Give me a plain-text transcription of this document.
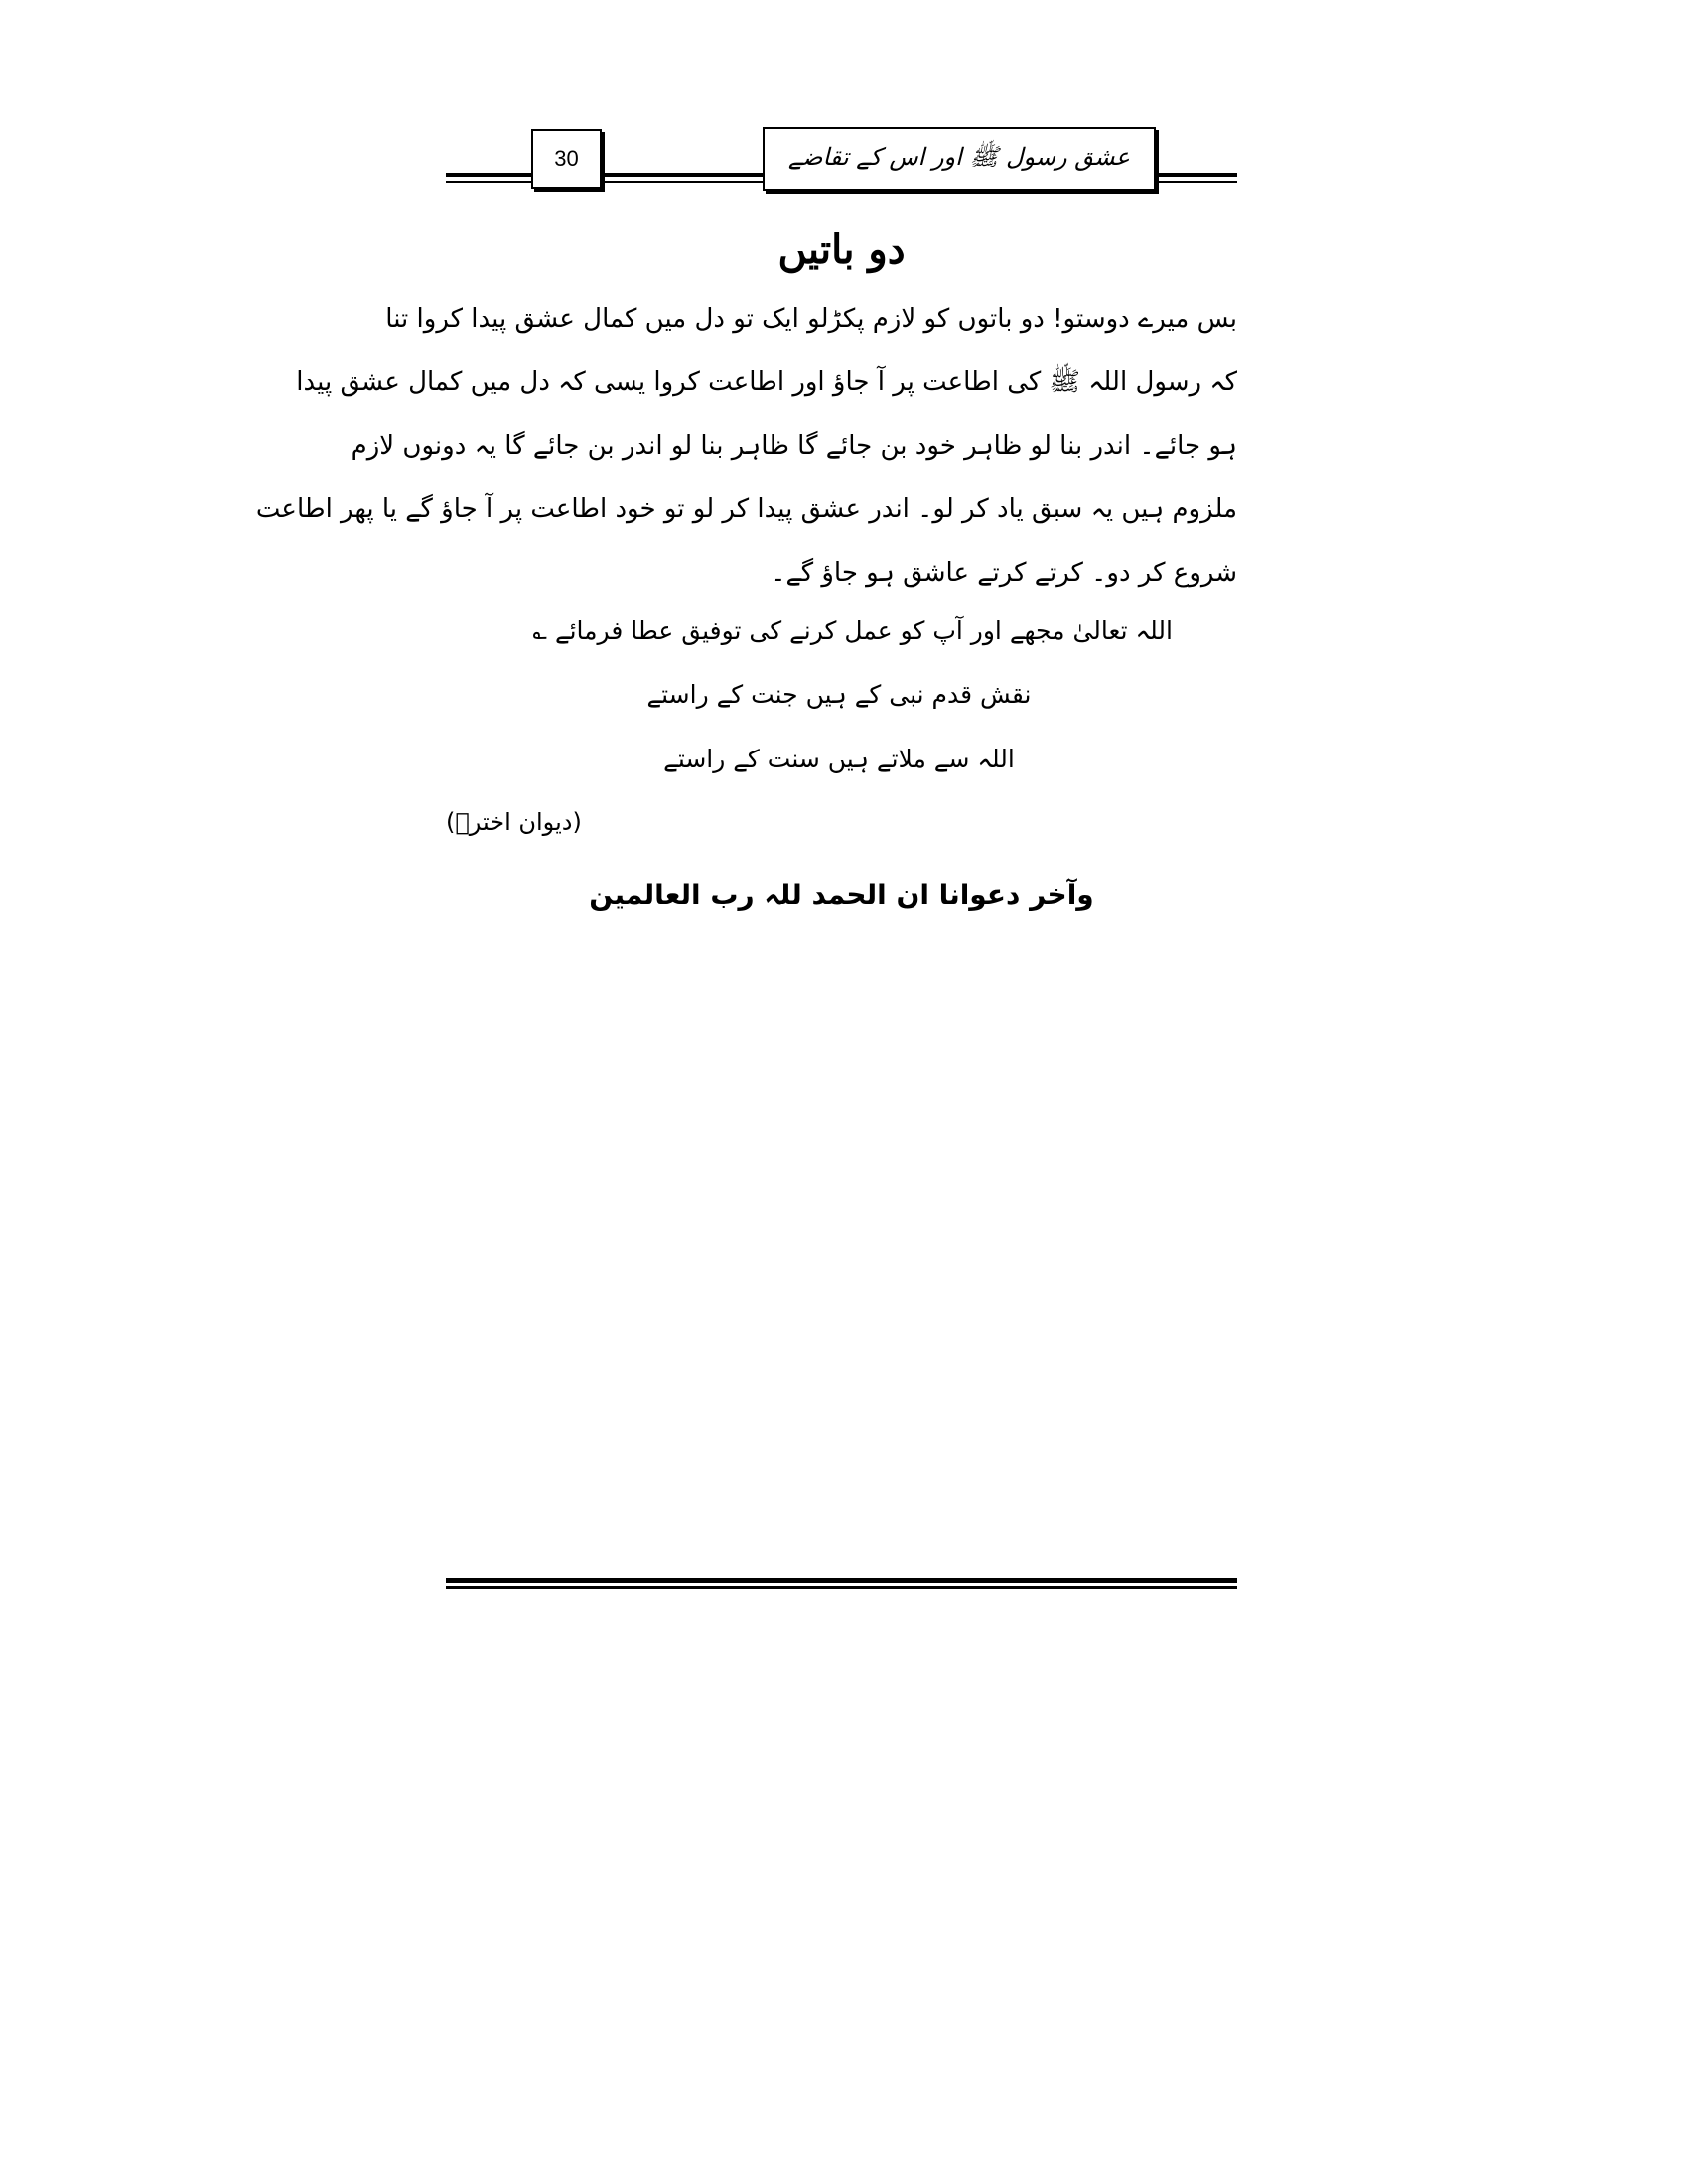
30	عشق رسول ﷺ اور اس کے تقاضے
دو باتیں
بس میرے دوستو! دو باتوں کو لازم پکڑلو ایک تو دل میں کمال عشق پیدا کروا تنا
کہ رسول اللہ ﷺ کی اطاعت پر آ جاؤ اور اطاعت کروا یسی کہ دل میں کمال عشق پیدا
ہو جائے۔ اندر بنا لو ظاہر خود بن جائے گا ظاہر بنا لو اندر بن جائے گا یہ دونوں لازم
ملزوم ہیں یہ سبق یاد کر لو۔ اندر عشق پیدا کر لو تو خود اطاعت پر آ جاؤ گے یا پھر اطاعت
شروع کر دو۔ کرتے کرتے عاشق ہو جاؤ گے۔
اللہ تعالیٰ مجھے اور آپ کو عمل کرنے کی توفیق عطا فرمائے ؎
نقش قدم نبی کے ہیں جنت کے راستے
اللہ سے ملاتے ہیں سنت کے راستے
(دیوان اخترؒ)
وآخر دعوانا ان الحمد للہ رب العالمین
